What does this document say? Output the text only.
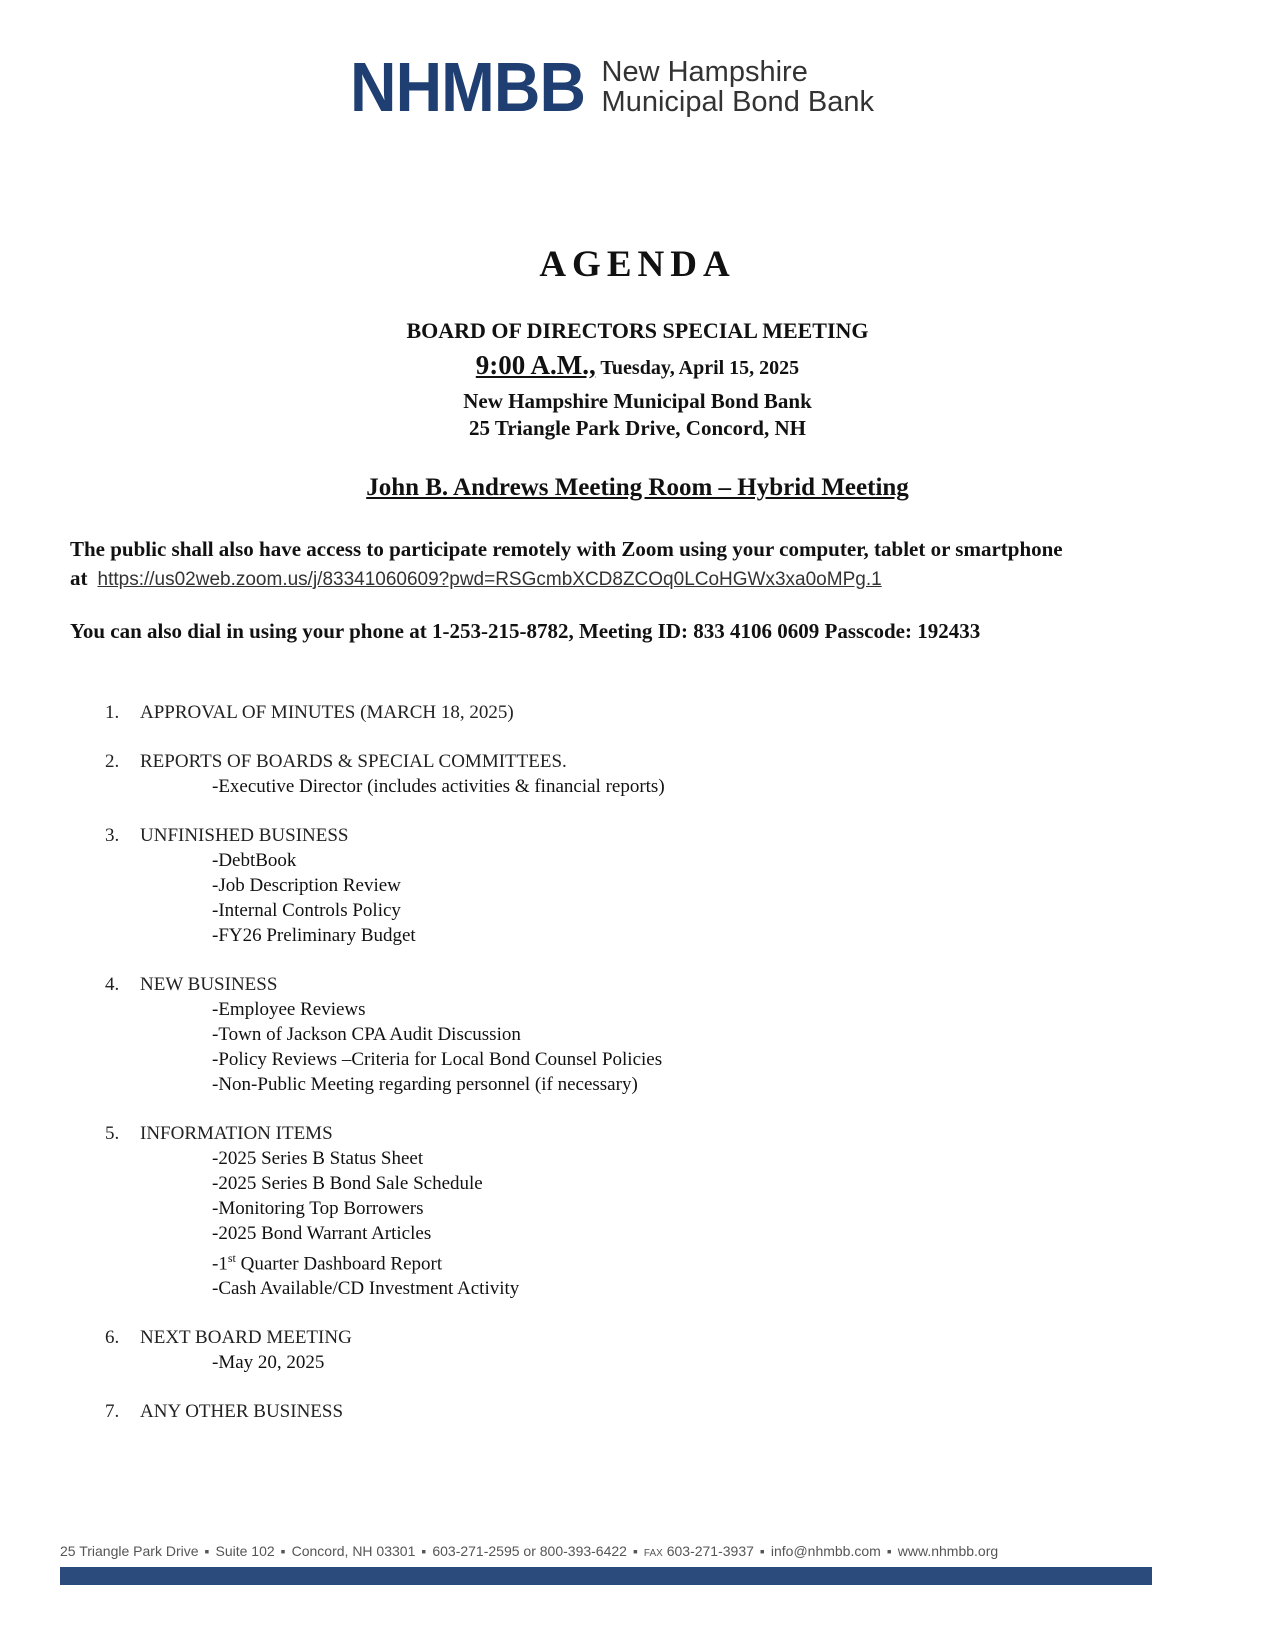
NHMBB New Hampshire
Municipal Bond Bank
AGENDA
BOARD OF DIRECTORS SPECIAL MEETING
9:00 A.M., Tuesday, April 15, 2025
New Hampshire Municipal Bond Bank
25 Triangle Park Drive, Concord, NH
John B. Andrews Meeting Room – Hybrid Meeting
The public shall also have access to participate remotely with Zoom using your computer, tablet or smartphone at https://us02web.zoom.us/j/83341060609?pwd=RSGcmbXCD8ZCOq0LCoHGWx3xa0oMPg.1
You can also dial in using your phone at 1-253-215-8782, Meeting ID: 833 4106 0609 Passcode: 192433
1.	APPROVAL OF MINUTES (MARCH 18, 2025)
2.	REPORTS OF BOARDS & SPECIAL COMMITTEES.
-Executive Director (includes activities & financial reports)
3.	UNFINISHED BUSINESS
-DebtBook
-Job Description Review
-Internal Controls Policy
-FY26 Preliminary Budget
4.	NEW BUSINESS
-Employee Reviews
-Town of Jackson CPA Audit Discussion
-Policy Reviews –Criteria for Local Bond Counsel Policies
-Non-Public Meeting regarding personnel (if necessary)
5.	INFORMATION ITEMS
-2025 Series B Status Sheet
-2025 Series B Bond Sale Schedule
-Monitoring Top Borrowers
-2025 Bond Warrant Articles
-1st Quarter Dashboard Report
-Cash Available/CD Investment Activity
6.	NEXT BOARD MEETING
-May 20, 2025
7.	ANY OTHER BUSINESS
25 Triangle Park Drive ▪ Suite 102 ▪ Concord, NH 03301 ▪ 603-271-2595 or 800-393-6422 ▪ FAX 603-271-3937 ▪ info@nhmbb.com ▪ www.nhmbb.org
